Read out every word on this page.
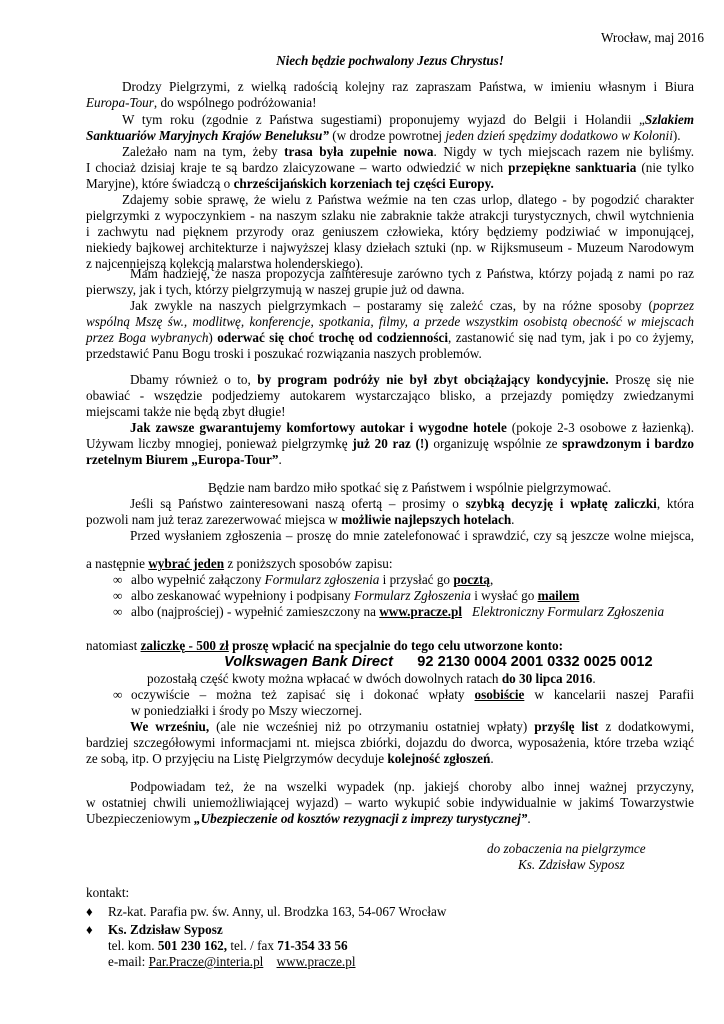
Wrocław, maj 2016
Niech będzie pochwalony Jezus Chrystus!
Drodzy Pielgrzymi, z wielką radością kolejny raz zapraszam Państwa, w imieniu własnym i Biura
Europa-Tour, do wspólnego podróżowania!
W tym roku (zgodnie z Państwa sugestiami) proponujemy wyjazd do Belgii i Holandii „Szlakiem
Sanktuariów Maryjnych Krajów Beneluksu” (w drodze powrotnej jeden dzień spędzimy dodatkowo w Kolonii).
Zależało nam na tym, żeby trasa była zupełnie nowa. Nigdy w tych miejscach razem nie byliśmy.
I chociaż dzisiaj kraje te są bardzo zlaicyzowane – warto odwiedzić w nich przepiękne sanktuaria (nie tylko
Maryjne), które świadczą o chrześcijańskich korzeniach tej części Europy.
Zdajemy sobie sprawę, że wielu z Państwa weźmie na ten czas urlop, dlatego - by pogodzić charakter
pielgrzymki z wypoczynkiem - na naszym szlaku nie zabraknie także atrakcji turystycznych, chwil wytchnienia
i zachwytu nad pięknem przyrody oraz geniuszem człowieka, który będziemy podziwiać w imponującej,
niekiedy bajkowej architekturze i najwyższej klasy dziełach sztuki (np. w Rijksmuseum - Muzeum Narodowym
z najcenniejszą kolekcją malarstwa holenderskiego).
Mam nadzieję, że nasza propozycja zainteresuje zarówno tych z Państwa, którzy pojadą z nami po raz
pierwszy, jak i tych, którzy pielgrzymują w naszej grupie już od dawna.
Jak zwykle na naszych pielgrzymkach – postaramy się zależć czas, by na różne sposoby (poprzez
wspólną Mszę św., modlitwę, konferencje, spotkania, filmy, a przede wszystkim osobistą obecność w miejscach
przez Boga wybranych) oderwać się choć trochę od codzienności, zastanowić się nad tym, jak i po co żyjemy,
przedstawić Panu Bogu troski i poszukać rozwiązania naszych problemów.
Dbamy również o to, by program podróży nie był zbyt obciążający kondycyjnie. Proszę się nie
obawiać - wszędzie podjedziemy autokarem wystarczająco blisko, a przejazdy pomiędzy zwiedzanymi
miejscami także nie będą zbyt długie!
Jak zawsze gwarantujemy komfortowy autokar i wygodne hotele (pokoje 2-3 osobowe z łazienką).
Używam liczby mnogiej, ponieważ pielgrzymkę już 20 raz (!) organizuję wspólnie ze sprawdzonym i bardzo
rzetelnym Biurem „Europa-Tour”.
Będzie nam bardzo miło spotkać się z Państwem i wspólnie pielgrzymować.
Jeśli są Państwo zainteresowani naszą ofertą – prosimy o szybką decyzję i wpłatę zaliczki, która
pozwoli nam już teraz zarezerwować miejsca w możliwie najlepszych hotelach.
Przed wysłaniem zgłoszenia – proszę do mnie zatelefonować i sprawdzić, czy są jeszcze wolne miejsca,
a następnie wybrać jeden z poniższych sposobów zapisu:
∞ albo wypełnić załączony Formularz zgłoszenia i przysłać go pocztą,
∞ albo zeskanować wypełniony i podpisany Formularz Zgłoszenia i wysłać go mailem
∞ albo (najprościej) - wypełnić zamieszczony na www.pracze.pl Elektroniczny Formularz Zgłoszenia
natomiast zaliczkę - 500 zł proszę wpłacić na specjalnie do tego celu utworzone konto:
Volkswagen Bank Direct 92 2130 0004 2001 0332 0025 0012
pozostałą część kwoty można wpłacać w dwóch dowolnych ratach do 30 lipca 2016.
∞ oczywiście – można też zapisać się i dokonać wpłaty osobiście w kancelarii naszej Parafii
w poniedziałki i środy po Mszy wieczornej.
We wrześniu, (ale nie wcześniej niż po otrzymaniu ostatniej wpłaty) przyślę list z dodatkowymi,
bardziej szczegółowymi informacjami nt. miejsca zbiórki, dojazdu do dworca, wyposażenia, które trzeba wziąć
ze sobą, itp. O przyjęciu na Listę Pielgrzymów decyduje kolejność zgłoszeń.
Podpowiadam też, że na wszelki wypadek (np. jakiejś choroby albo innej ważnej przyczyny,
w ostatniej chwili uniemożliwiającej wyjazd) – warto wykupić sobie indywidualnie w jakimś Towarzystwie
Ubezpieczeniowym „Ubezpieczenie od kosztów rezygnacji z imprezy turystycznej”.
do zobaczenia na pielgrzymce
Ks. Zdzisław Syposz
kontakt:
♦ Rz-kat. Parafia pw. św. Anny, ul. Brodzka 163, 54-067 Wrocław
♦ Ks. Zdzisław Syposz
tel. kom. 501 230 162, tel. / fax 71-354 33 56
e-mail: Par.Pracze@interia.pl www.pracze.pl
